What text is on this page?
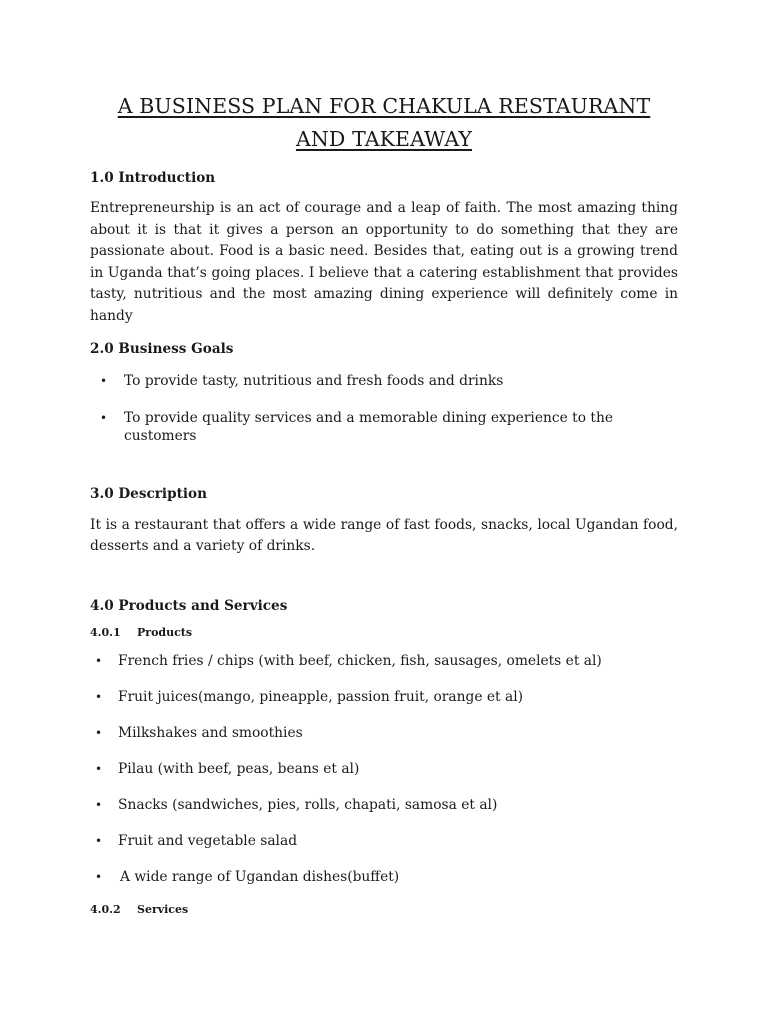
A BUSINESS PLAN FOR CHAKULA RESTAURANT
AND TAKEAWAY

1.0 Introduction

Entrepreneurship is an act of courage and a leap of faith. The most amazing thing about it is that it gives a person an opportunity to do something that they are passionate about. Food is a basic need. Besides that, eating out is a growing trend in Uganda that’s going places. I believe that a catering establishment that provides tasty, nutritious and the most amazing dining experience will definitely come in handy

2.0 Business Goals

• To provide tasty, nutritious and fresh foods and drinks
• To provide quality services and a memorable dining experience to the customers

3.0 Description

It is a restaurant that offers a wide range of fast foods, snacks, local Ugandan food, desserts and a variety of drinks.

4.0 Products and Services

4.0.1 Products

• French fries / chips (with beef, chicken, fish, sausages, omelets et al)
• Fruit juices(mango, pineapple, passion fruit, orange et al)
• Milkshakes and smoothies
• Pilau (with beef, peas, beans et al)
• Snacks (sandwiches, pies, rolls, chapati, samosa et al)
• Fruit and vegetable salad
• A wide range of Ugandan dishes(buffet)

4.0.2 Services
